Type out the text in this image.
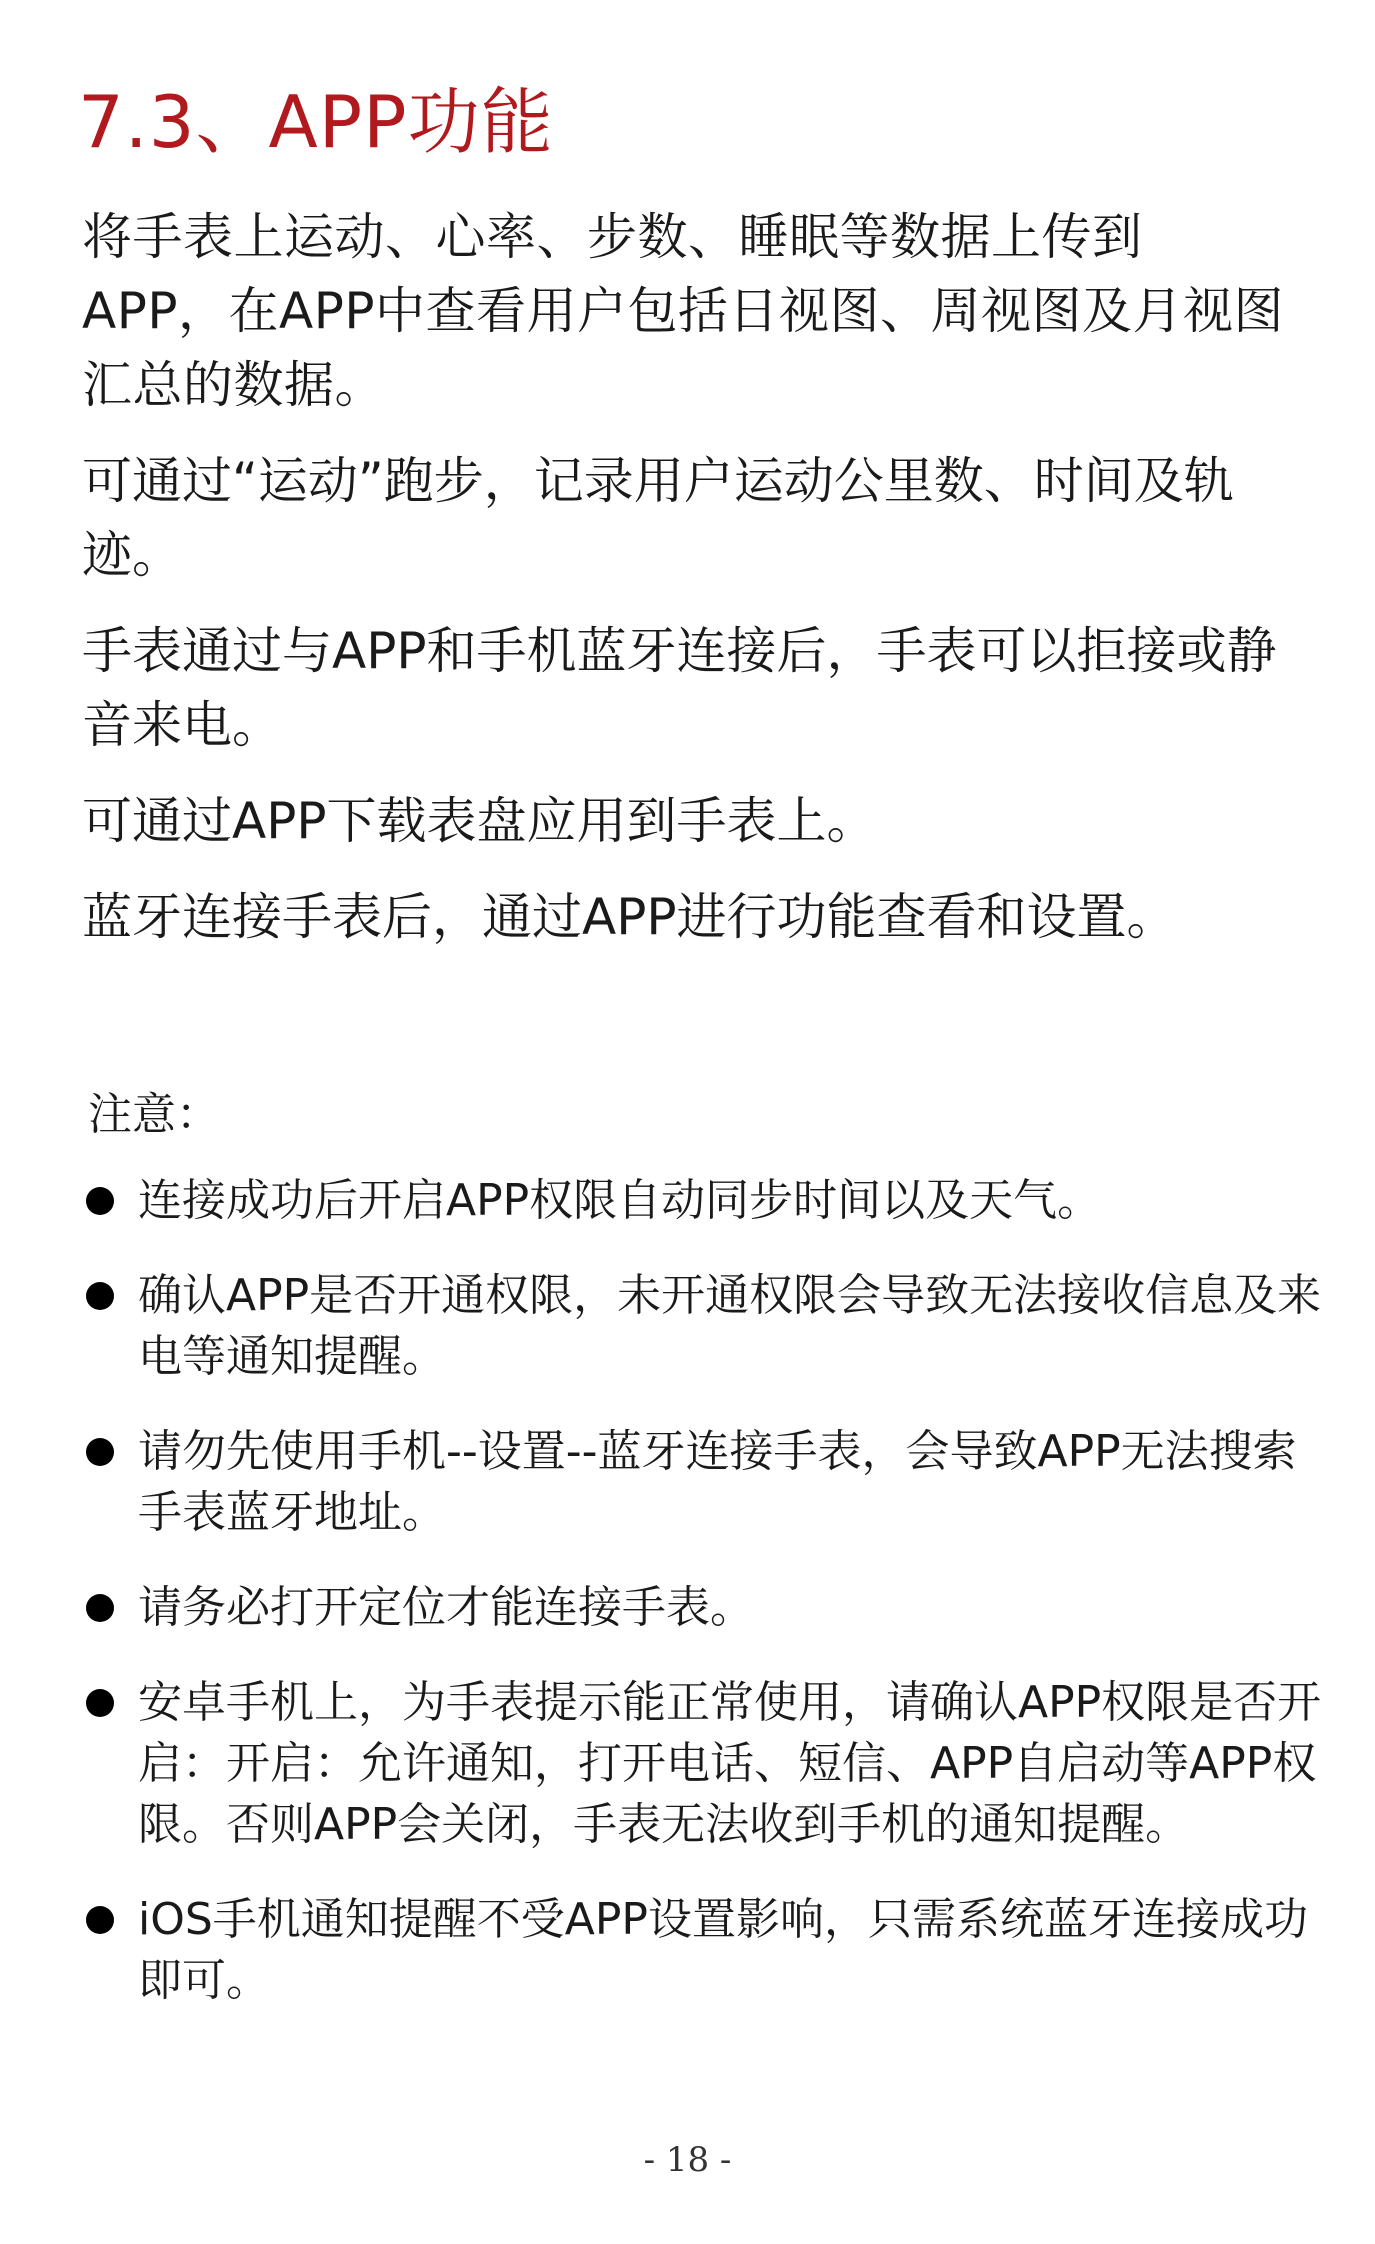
7.3、APP功能

将手表上运动、心率、步数、睡眠等数据上传到 APP，在APP中查看用户包括日视图、周视图及月视图汇总的数据。

可通过“运动”跑步，记录用户运动公里数、时间及轨迹。

手表通过与APP和手机蓝牙连接后，手表可以拒接或静音来电。

可通过APP下载表盘应用到手表上。

蓝牙连接手表后，通过APP进行功能查看和设置。

注意：
连接成功后开启APP权限自动同步时间以及天气。
确认APP是否开通权限，未开通权限会导致无法接收信息及来电等通知提醒。
请勿先使用手机--设置--蓝牙连接手表，会导致APP无法搜索手表蓝牙地址。
请务必打开定位才能连接手表。
安卓手机上，为手表提示能正常使用，请确认APP权限是否开启：开启：允许通知，打开电话、短信、APP自启动等APP权限。否则APP会关闭，手表无法收到手机的通知提醒。
iOS手机通知提醒不受APP设置影响，只需系统蓝牙连接成功即可。
- 18 -
